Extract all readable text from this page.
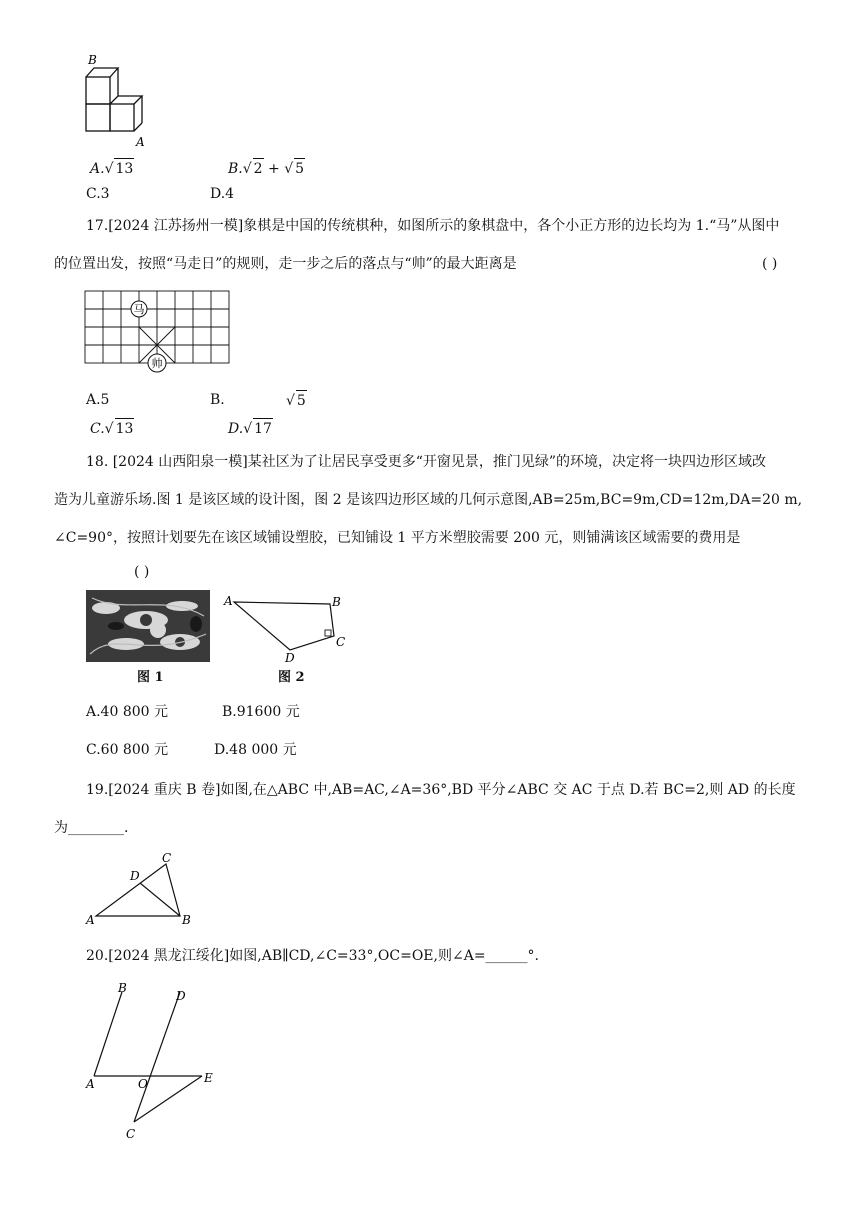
B
A
A.√ 13	B.√ 2 + √ 5
C.3	D.4
17.[2024 江苏扬州一模]象棋是中国的传统棋种，如图所示的象棋盘中，各个小正方形的边长均为 1.“马”从图中
的位置出发，按照“马走日”的规则，走一步之后的落点与“帅”的最大距离是	( )
马
帅
A.5	B.	√ 5
C.√ 13	D.√ 17
18. [2024 山西阳泉一模]某社区为了让居民享受更多“开窗见景，推门见绿”的环境，决定将一块四边形区域改
造为儿童游乐场.图 1 是该区域的设计图，图 2 是该四边形区域的几何示意图,AB=25m,BC=9m,CD=12m,DA=20 m,
∠C=90°，按照计划要先在该区域铺设塑胶，已知铺设 1 平方米塑胶需要 200 元，则铺满该区域需要的费用是
( )
图 1
A	B
C
D
图 2
A.40 800 元	B.91600 元
C.60 800 元	D.48 000 元
19.[2024 重庆 B 卷]如图,在△ABC 中,AB=AC,∠A=36°,BD 平分∠ABC 交 AC 于点 D.若 BC=2,则 AD 的长度
为________.
A	B
C
D
20.[2024 黑龙江绥化]如图,AB∥CD,∠C=33°,OC=OE,则∠A=______°.
B
D
A	O	E
C
